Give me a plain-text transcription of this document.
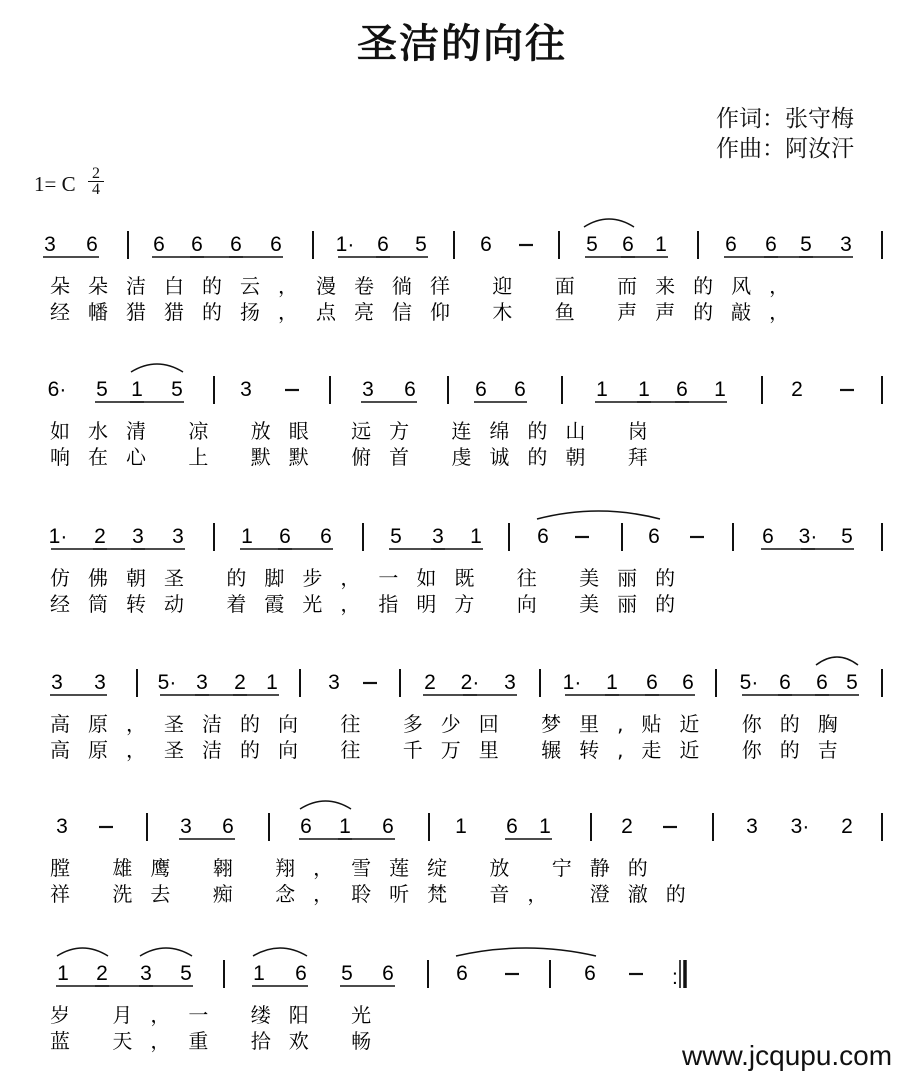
圣洁的向往
作词：张守梅
作曲：阿汝汗
1= C 2
4
3 6	6 6 6 6	1· 6 5	6	5 6 1	6 6 5 3
朵朵洁白的云，漫卷徜徉 迎 面 而来的风，
经幡猎猎的扬，点亮信仰 木 鱼 声声的敲，
6· 5 1 5	3	3 6	6 6	1 1 6 1	2
如水清 凉 放眼 远方 连绵的山 岗
响在心 上 默默 俯首 虔诚的朝 拜
1· 2 3 3	1 6 6	5 3 1	6	6	6 3· 5
仿佛朝圣 的脚步，一如既 往 美丽的
经筒转动 着霞光，指明方 向 美丽的
3 3 5· 3 2 1 3	2 2· 3 1· 1 6 6 5· 6 6 5
高原，圣洁的向 往 多少回 梦里,贴近 你的胸
高原，圣洁的向 往 千万里 辗转,走近 你的吉
3	3 6	6 1 6	1 6 1	2	3 3· 2
膛 雄鹰 翱 翔，雪莲绽 放 宁静的
祥 洗去 痴 念，聆听梵 音， 澄澈的
1 2 3 5	1 6 5 6	6	6	:
岁 月，一 缕阳 光
蓝 天，重 拾欢 畅	www.jcqupu.com
